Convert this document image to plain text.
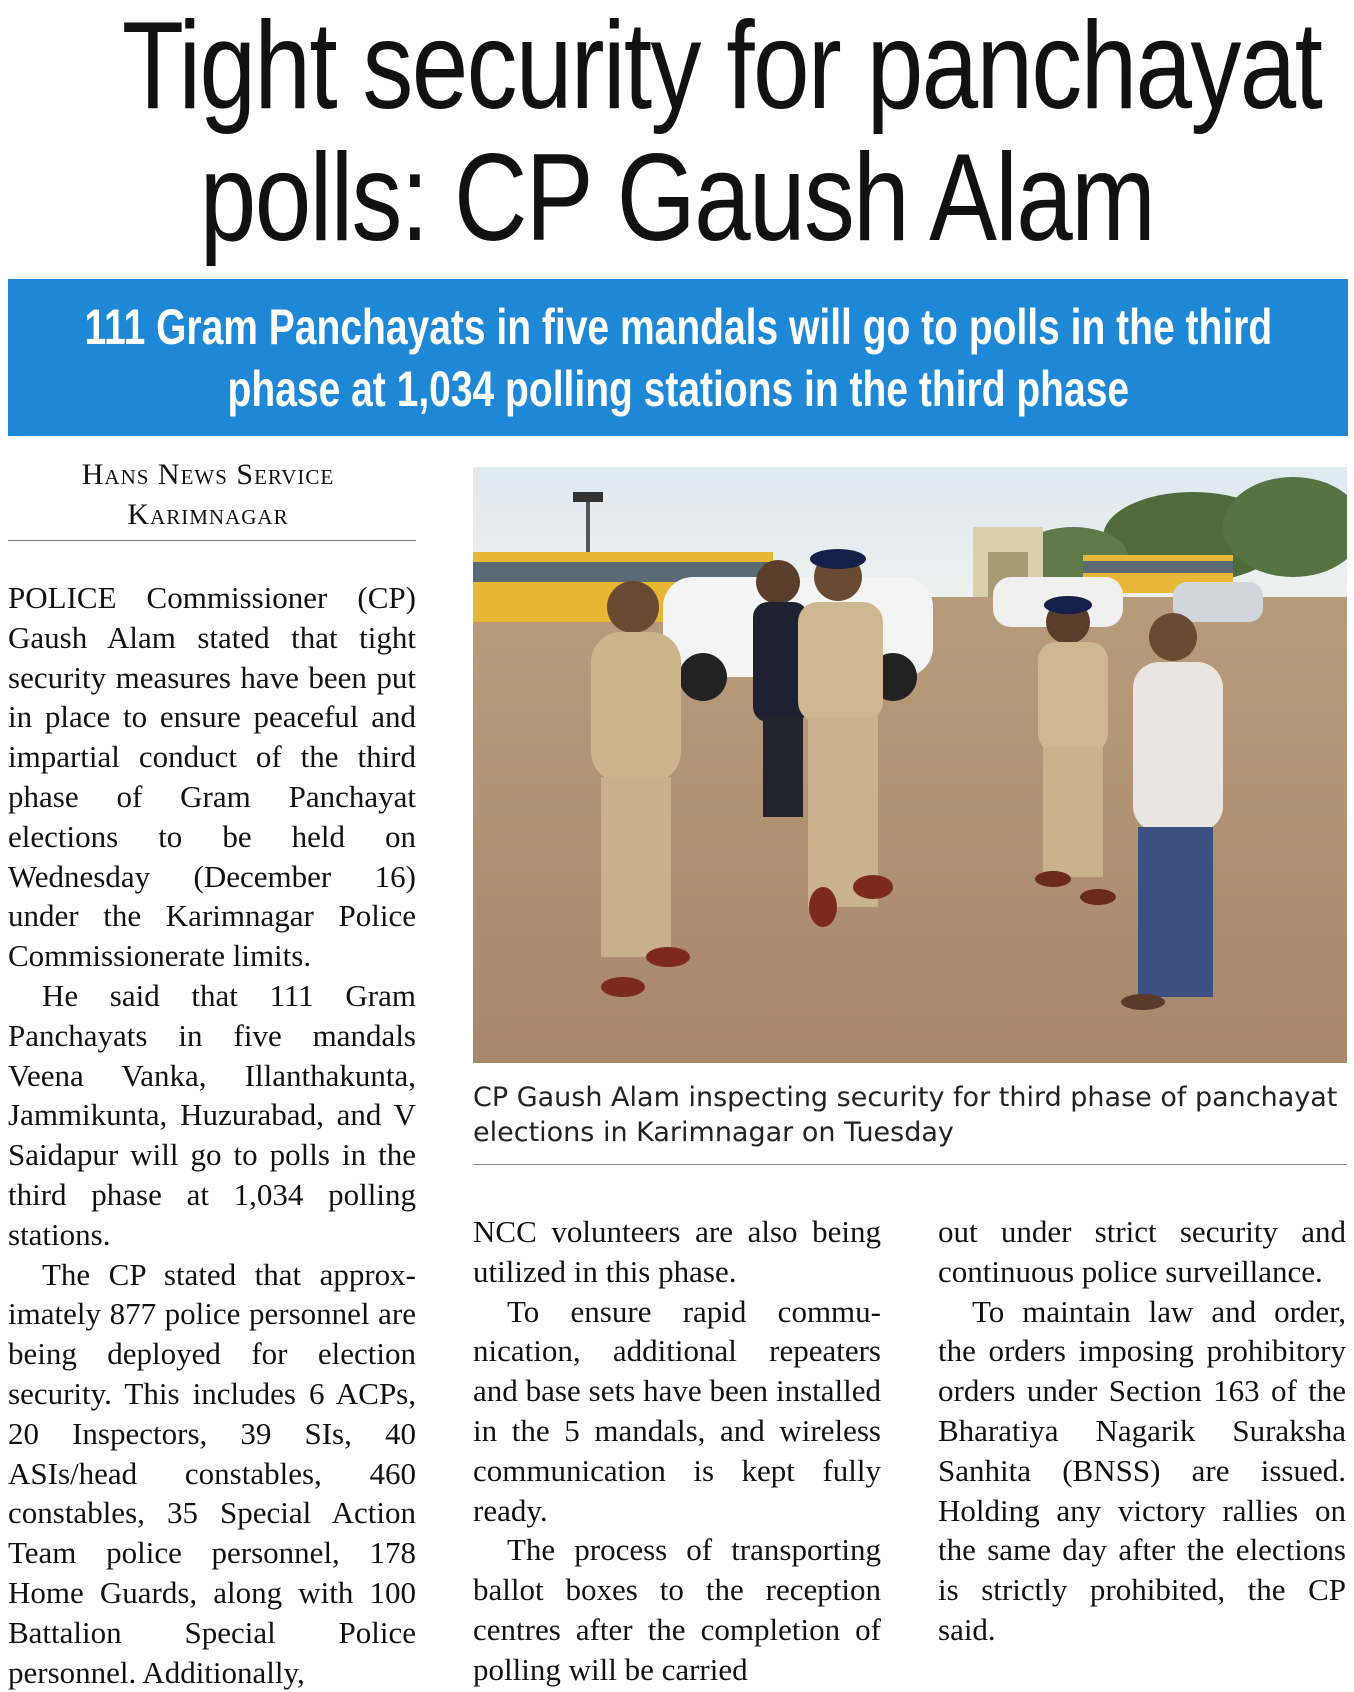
Tight security for panchayat
polls: CP Gaush Alam
111 Gram Panchayats in five mandals will go to polls in the third
phase at 1,034 polling stations in the third phase
Hans News Service
Karimnagar

POLICE Commissioner (CP) Gaush Alam stated that tight security measures have been put in place to ensure peaceful and impartial conduct of the third phase of Gram Panchayat elections to be held on Wednesday (December 16) under the Karimnagar Police Commissionerate limits.

He said that 111 Gram Panchayats in five mandals Veena Vanka, Illanthakunta, Jammikunta, Huzurabad, and V Saidapur will go to polls in the third phase at 1,034 polling stations.

The CP stated that approximately 877 police personnel are being deployed for election security. This includes 6 ACPs, 20 Inspectors, 39 SIs, 40 ASIs/head constables, 460 constables, 35 Special Action Team police personnel, 178 Home Guards, along with 100 Battalion Special Police personnel. Additionally,

CP Gaush Alam inspecting security for third phase of panchayat elections in Karimnagar on Tuesday

NCC volunteers are also being utilized in this phase.

To ensure rapid communication, additional repeaters and base sets have been installed in the 5 mandals, and wireless communication is kept fully ready.

The process of transporting ballot boxes to the reception centres after the completion of polling will be carried

out under strict security and continuous police surveillance.

To maintain law and order, the orders imposing prohibitory orders under Section 163 of the Bharatiya Nagarik Suraksha Sanhita (BNSS) are issued. Holding any victory rallies on the same day after the elections is strictly prohibited, the CP said.
